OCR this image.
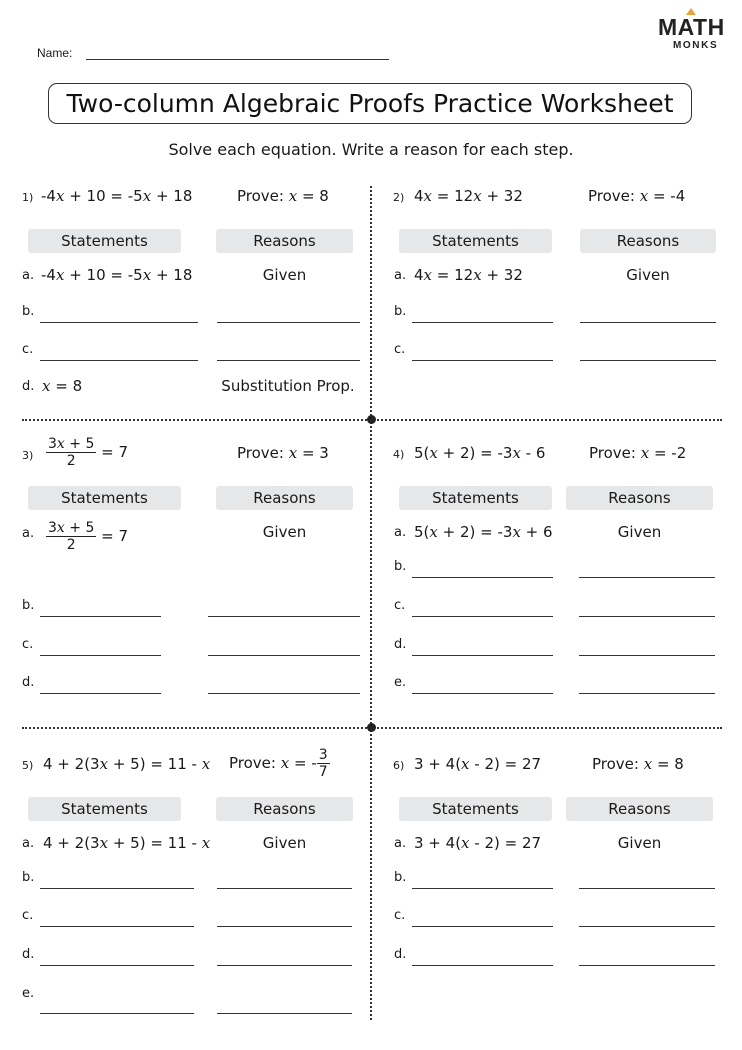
MATH
MONKS
Name:
Two-column Algebraic Proofs Practice Worksheet
Solve each equation. Write a reason for each step.
1) -4x + 10 = -5x + 18	Prove: x = 8
Statements	Reasons
a. -4x + 10 = -5x + 18	Given
b.
c.
d. x = 8	Substitution Prop.
2) 4x = 12x + 32	Prove: x = -4
Statements	Reasons
a. 4x = 12x + 32	Given
b.
c.
$3) \frac{3x + 5}{2} = 7$	Prove: x = 3
Statements	Reasons
a. $\frac{3x + 5}{2} = 7$	Given
b.
c.
d.
4) 5(x + 2) = -3x - 6	Prove: x = -2
Statements	Reasons
a. 5(x + 2) = -3x + 6	Given
b.
c.
d.
e.
5) 4 + 2(3x + 5) = 11 - x Prove: x = - $\frac{3}{7}$
Statements	Reasons
a. 4 + 2(3x + 5) = 11 - x	Given
b.
c.
d.
e.
6) 3 + 4(x - 2) = 27	Prove: x = 8
Statements	Reasons
a. 3 + 4(x - 2) = 27	Given
b.
c.
d.
